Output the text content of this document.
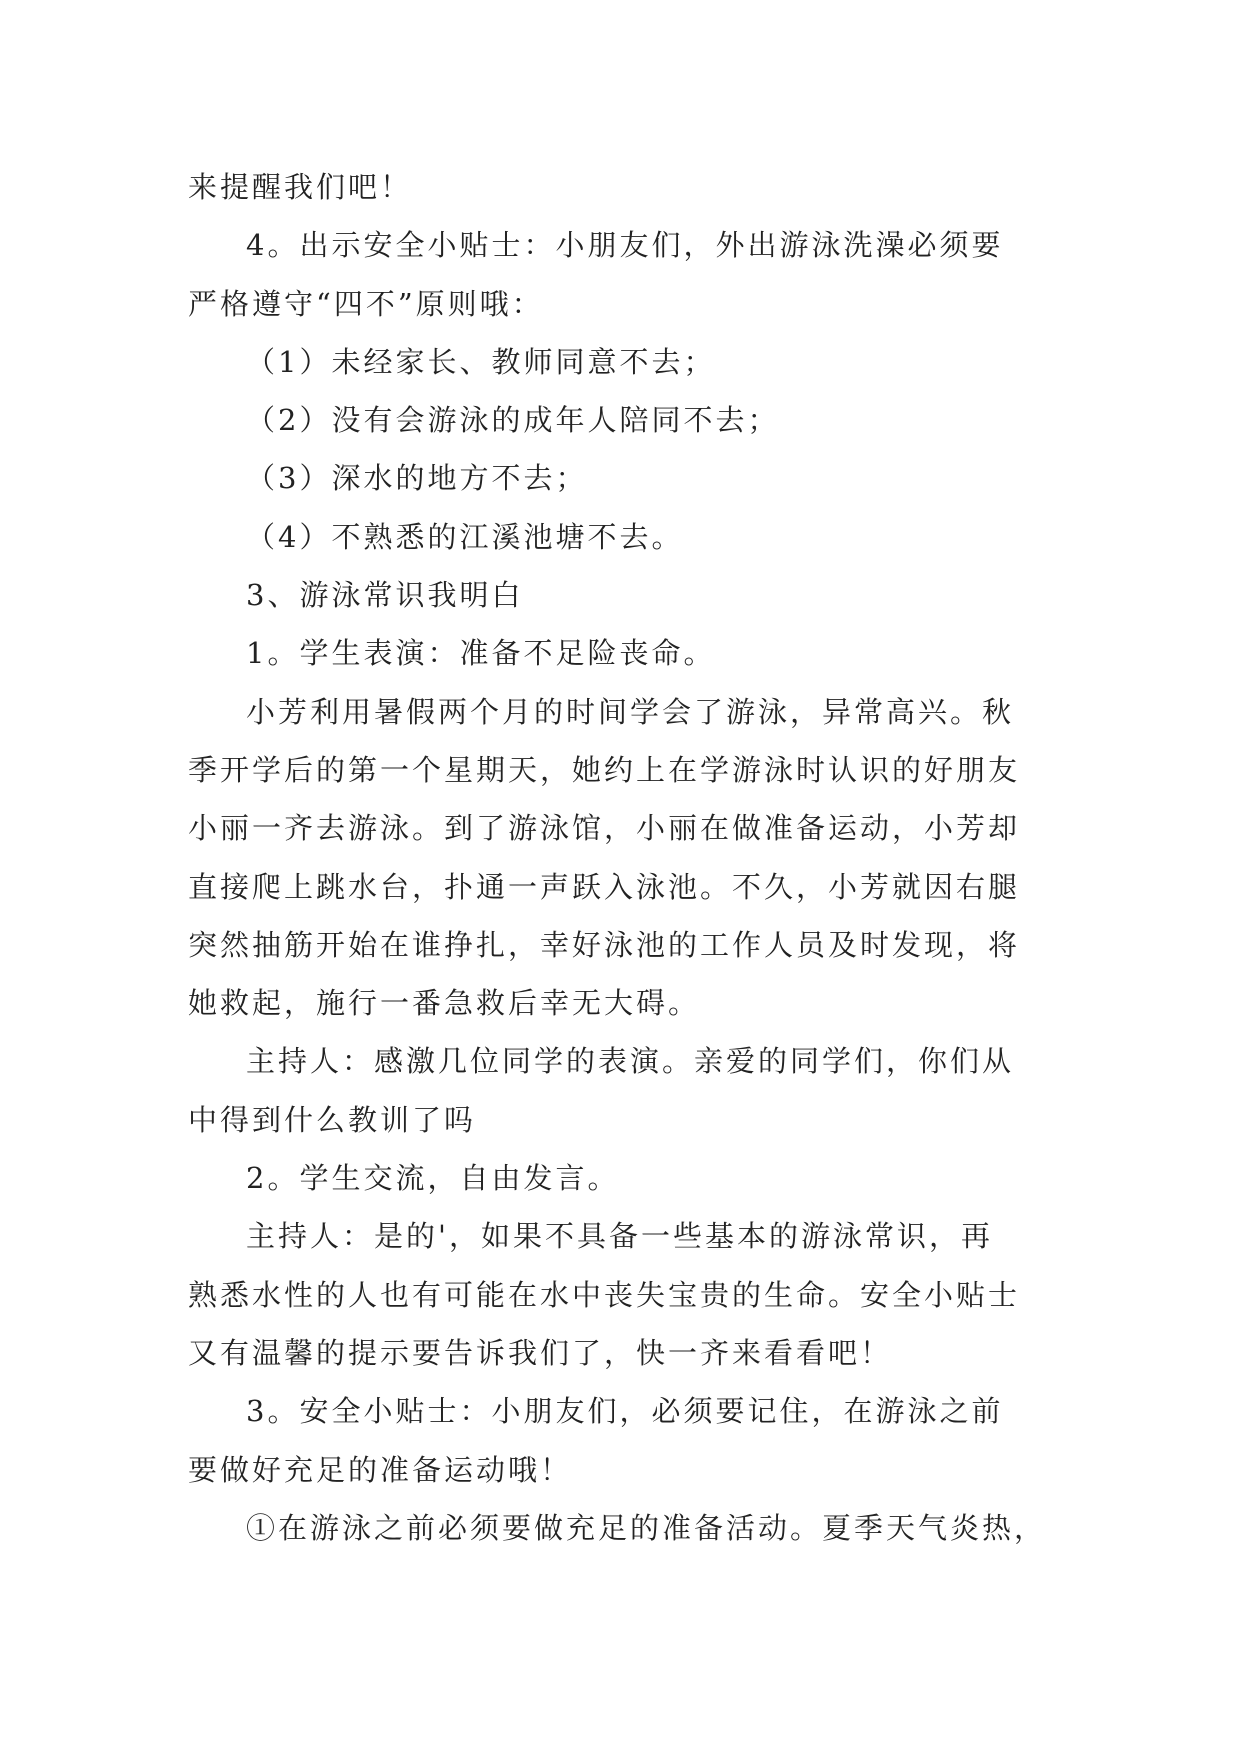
来提醒我们吧！
4。出示安全小贴士：小朋友们，外出游泳洗澡必须要
严格遵守“四不”原则哦：
（1）未经家长、教师同意不去；
（2）没有会游泳的成年人陪同不去；
（3）深水的地方不去；
（4）不熟悉的江溪池塘不去。
3、游泳常识我明白
1。学生表演：准备不足险丧命。
小芳利用暑假两个月的时间学会了游泳，异常高兴。秋
季开学后的第一个星期天，她约上在学游泳时认识的好朋友
小丽一齐去游泳。到了游泳馆，小丽在做准备运动，小芳却
直接爬上跳水台，扑通一声跃入泳池。不久，小芳就因右腿
突然抽筋开始在谁挣扎，幸好泳池的工作人员及时发现，将
她救起，施行一番急救后幸无大碍。
主持人：感激几位同学的表演。亲爱的同学们，你们从
中得到什么教训了吗
2。学生交流，自由发言。
主持人：是的'，如果不具备一些基本的游泳常识，再
熟悉水性的人也有可能在水中丧失宝贵的生命。安全小贴士
又有温馨的提示要告诉我们了，快一齐来看看吧！
3。安全小贴士：小朋友们，必须要记住，在游泳之前
要做好充足的准备运动哦！
①在游泳之前必须要做充足的准备活动。夏季天气炎热，
